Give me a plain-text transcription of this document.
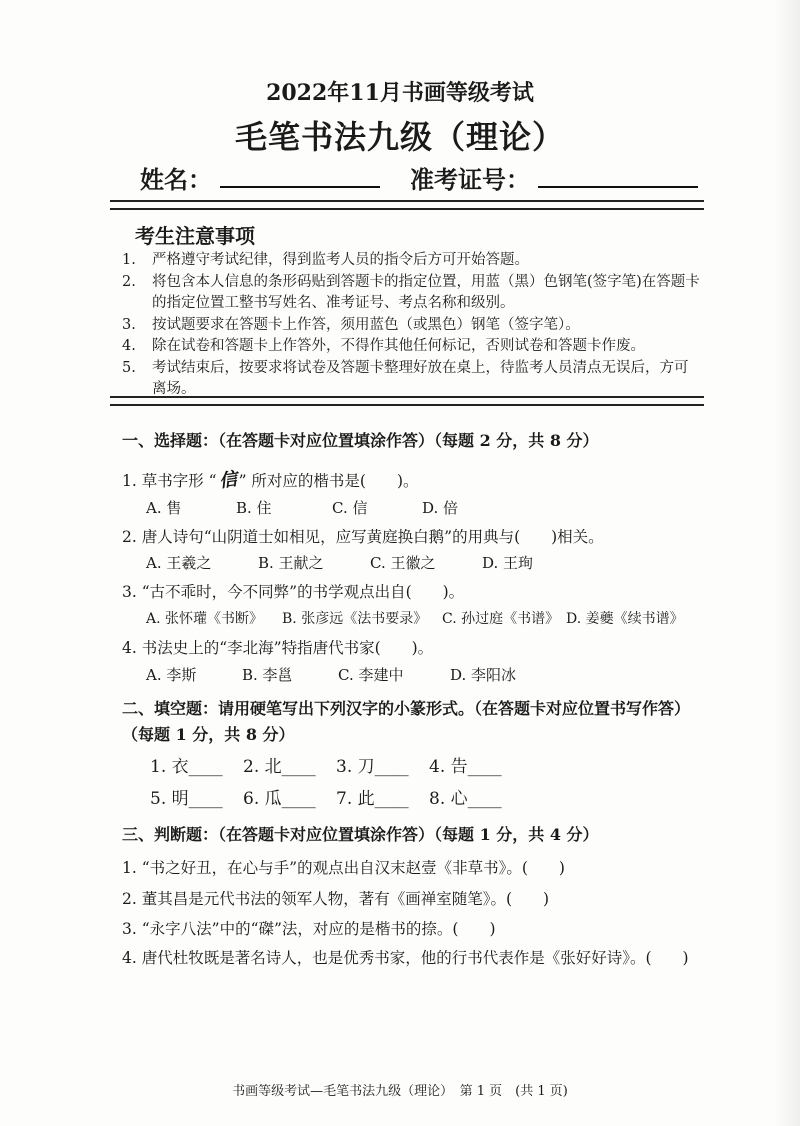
2022年11月书画等级考试
毛笔书法九级（理论）
姓名：	准考证号：
考生注意事项
1.	严格遵守考试纪律，得到监考人员的指令后方可开始答题。
2.	将包含本人信息的条形码贴到答题卡的指定位置，用蓝（黑）色钢笔(签字笔)在答题卡的指定位置工整书写姓名、准考证号、考点名称和级别。
3.	按试题要求在答题卡上作答，须用蓝色（或黑色）钢笔（签字笔）。
4.	除在试卷和答题卡上作答外，不得作其他任何标记，否则试卷和答题卡作废。
5.	考试结束后，按要求将试卷及答题卡整理好放在桌上，待监考人员清点无误后，方可离场。
一、选择题：（在答题卡对应位置填涂作答）（每题 2 分，共 8 分）
1. 草书字形 “信” 所对应的楷书是(　　)。
A. 售	B. 住	C. 信	D. 倍
2. 唐人诗句“山阴道士如相见，应写黄庭换白鹅”的用典与(　　)相关。
A. 王羲之	B. 王献之	C. 王徽之	D. 王珣
3. “古不乖时，今不同弊”的书学观点出自(　　)。
A. 张怀瓘《书断》 B. 张彦远《法书要录》 C. 孙过庭《书谱》 D. 姜夔《续书谱》
4. 书法史上的“李北海”特指唐代书家(　　)。
A. 李斯	B. 李邕	C. 李建中	D. 李阳冰
二、填空题：请用硬笔写出下列汉字的小篆形式。（在答题卡对应位置书写作答）
（每题 1 分，共 8 分）
1. 衣____ 2. 北____ 3. 刀____ 4. 告____
5. 明____ 6. 瓜____ 7. 此____ 8. 心____
三、判断题：（在答题卡对应位置填涂作答）（每题 1 分，共 4 分）
1. “书之好丑，在心与手”的观点出自汉末赵壹《非草书》。(　　)
2. 董其昌是元代书法的领军人物，著有《画禅室随笔》。(　　)
3. “永字八法”中的“磔”法，对应的是楷书的捺。(　　)
4. 唐代杜牧既是著名诗人，也是优秀书家，他的行书代表作是《张好好诗》。(　　)
书画等级考试—毛笔书法九级（理论）　第 1 页　(共 1 页)
